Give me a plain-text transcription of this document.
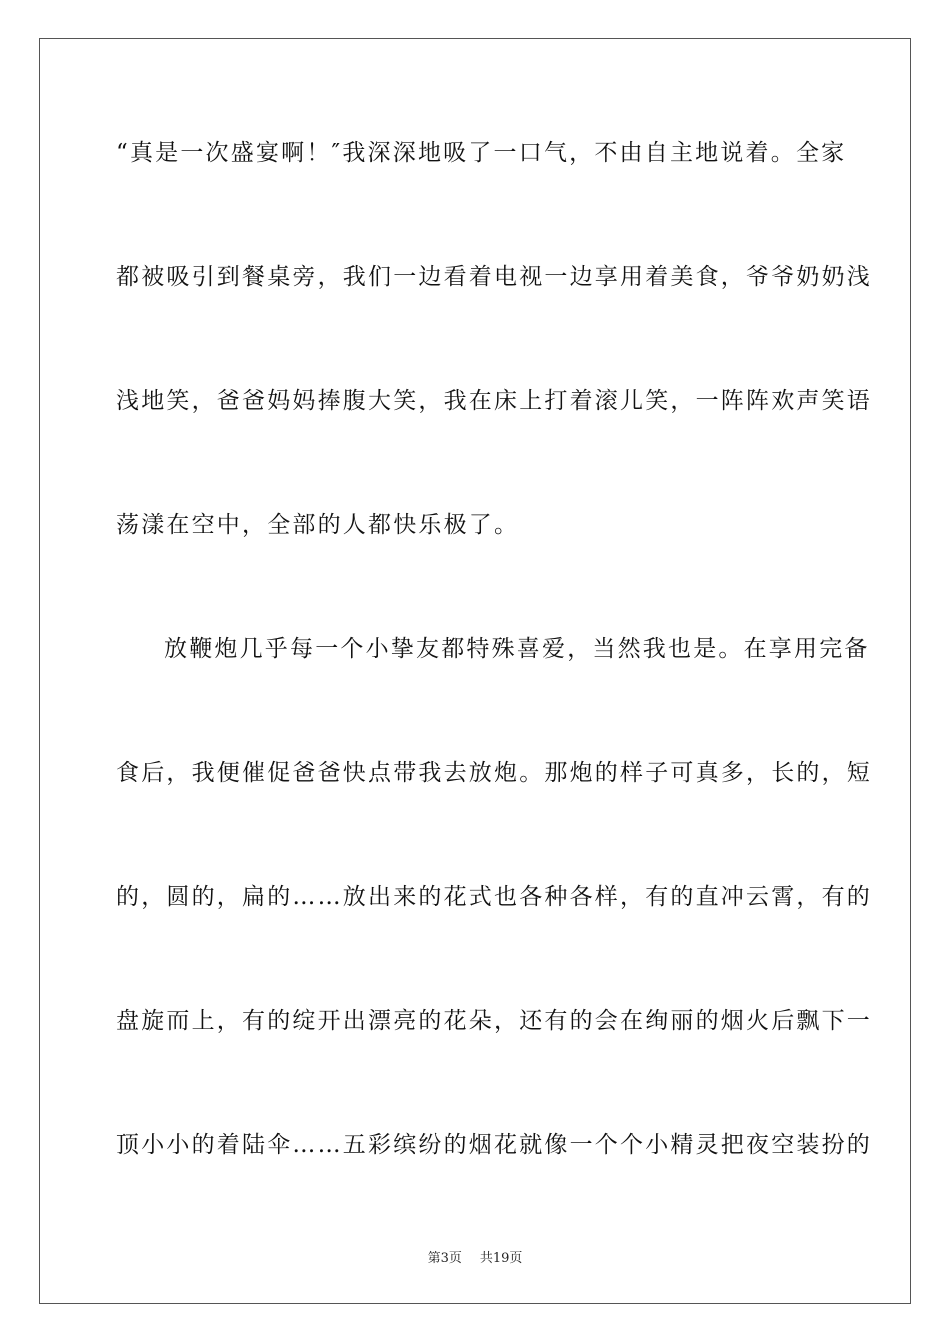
“真是一次盛宴啊！″我深深地吸了一口气，不由自主地说着。全家
都被吸引到餐桌旁，我们一边看着电视一边享用着美食，爷爷奶奶浅
浅地笑，爸爸妈妈捧腹大笑，我在床上打着滚儿笑，一阵阵欢声笑语
荡漾在空中，全部的人都快乐极了。
放鞭炮几乎每一个小挚友都特殊喜爱，当然我也是。在享用完备
食后，我便催促爸爸快点带我去放炮。那炮的样子可真多，长的，短
的，圆的，扁的……放出来的花式也各种各样，有的直冲云霄，有的
盘旋而上，有的绽开出漂亮的花朵，还有的会在绚丽的烟火后飘下一
顶小小的着陆伞……五彩缤纷的烟花就像一个个小精灵把夜空装扮的
第3页 共19页
